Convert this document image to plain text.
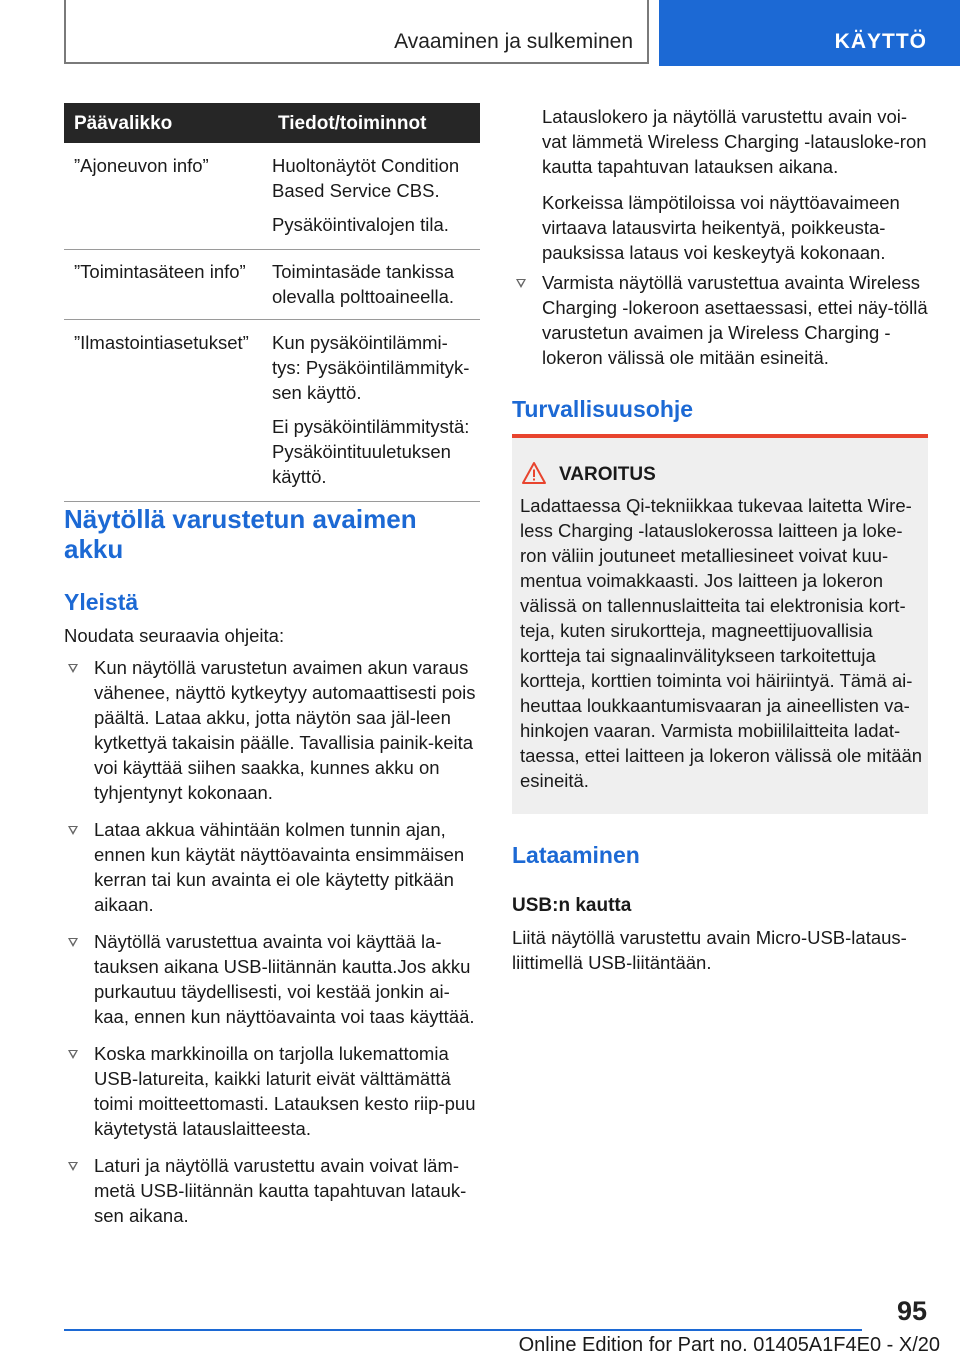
Avaaminen ja sulkeminen	KÄYTTÖ
Päävalikko	Tiedot/toiminnot
”Ajoneuvon info”	Huoltonäytöt Condition Based Service CBS.

Pysäköintivalojen tila.

”Toimintasäteen info”	Toimintasäde tankissa olevalla polttoaineella.

”Ilmastointiasetukset”	Kun pysäköintilämmi-tys: Pysäköintilämmityk-sen käyttö.

Ei pysäköintilämmitystä: Pysäköintituuletuksen käyttö.

Näytöllä varustetun avaimen akku
Yleistä
Noudata seuraavia ohjeita:
Kun näytöllä varustetun avaimen akun varaus vähenee, näyttö kytkeytyy automaattisesti pois päältä. Lataa akku, jotta näytön saa jäl-leen kytkettyä takaisin päälle. Tavallisia painik-keita voi käyttää siihen saakka, kunnes akku on tyhjentynyt kokonaan.
Lataa akkua vähintään kolmen tunnin ajan, ennen kun käytät näyttöavainta ensimmäisen kerran tai kun avainta ei ole käytetty pitkään aikaan.
Näytöllä varustettua avainta voi käyttää la-tauksen aikana USB-liitännän kautta.Jos akku purkautuu täydellisesti, voi kestää jonkin ai-kaa, ennen kun näyttöavainta voi taas käyttää.
Koska markkinoilla on tarjolla lukemattomia USB-latureita, kaikki laturit eivät välttämättä toimi moitteettomasti. Latauksen kesto riip-puu käytetystä latauslaitteesta.
Laturi ja näytöllä varustettu avain voivat läm-metä USB-liitännän kautta tapahtuvan latauk-sen aikana.

Latauslokero ja näytöllä varustettu avain voi-vat lämmetä Wireless Charging -latausloke-ron kautta tapahtuvan latauksen aikana.

Korkeissa lämpötiloissa voi näyttöavaimeen virtaava latausvirta heikentyä, poikkeusta-pauksissa lataus voi keskeytyä kokonaan.

Varmista näytöllä varustettua avainta Wireless Charging -lokeroon asettaessasi, ettei näy-töllä varustetun avaimen ja Wireless Charging -lokeron välissä ole mitään esineitä.
Turvallisuusohje
VAROITUS
Ladattaessa Qi-tekniikkaa tukevaa laitetta Wire-less Charging -latauslokerossa laitteen ja loke-ron väliin joutuneet metalliesineet voivat kuu-mentua voimakkaasti. Jos laitteen ja lokeron välissä on tallennuslaitteita tai elektronisia kort-teja, kuten sirukortteja, magneettijuovallisia kortteja tai signaalinvälitykseen tarkoitettuja kortteja, korttien toiminta voi häiriintyä. Tämä ai-heuttaa loukkaantumisvaaran ja aineellisten va-hinkojen vaaran. Varmista mobiililaitteita ladat-taessa, ettei laitteen ja lokeron välissä ole mitään esineitä.
Lataaminen
USB:n kautta
Liitä näytöllä varustettu avain Micro-USB-lataus-liittimellä USB-liitäntään.
95
Online Edition for Part no. 01405A1F4E0 - X/20
